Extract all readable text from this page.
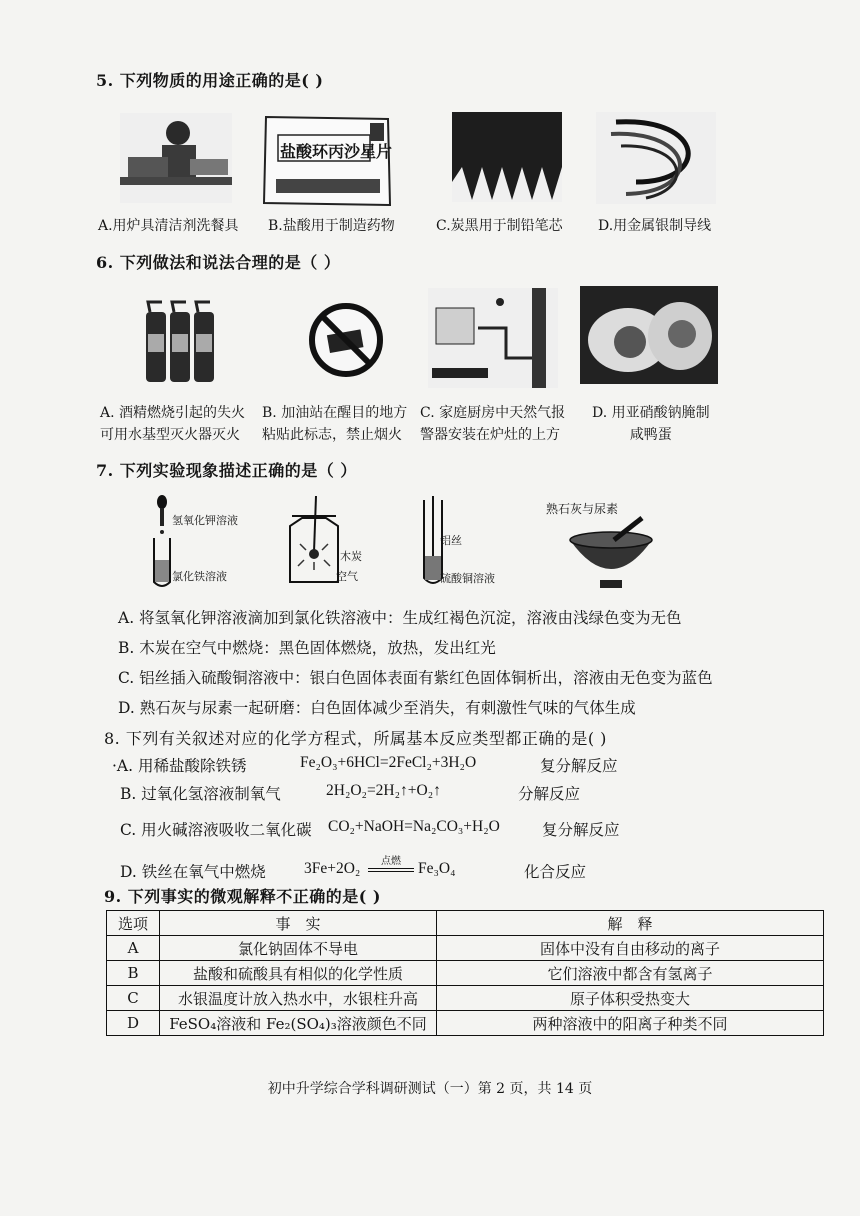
5. 下列物质的用途正确的是( )
盐酸环丙沙星片
A.用炉具清洁剂洗餐具 B.盐酸用于制造药物	C.炭黑用于制铅笔芯	D.用金属银制导线
6. 下列做法和说法合理的是（ ）
A. 酒精燃烧引起的失火
可用水基型灭火器灭火
B. 加油站在醒目的地方
粘贴此标志，禁止烟火
C. 家庭厨房中天然气报
警器安装在炉灶的上方
D. 用亚硝酸钠腌制
咸鸭蛋
7. 下列实验现象描述正确的是（ ）
氢氧化钾溶液
氯化铁溶液
木炭
空气
铝丝
硫酸铜溶液
熟石灰与尿素
A. 将氢氧化钾溶液滴加到氯化铁溶液中：生成红褐色沉淀，溶液由浅绿色变为无色
B. 木炭在空气中燃烧：黑色固体燃烧，放热，发出红光
C. 铝丝插入硫酸铜溶液中：银白色固体表面有紫红色固体铜析出，溶液由无色变为蓝色
D. 熟石灰与尿素一起研磨：白色固体减少至消失，有刺激性气味的气体生成
8. 下列有关叙述对应的化学方程式，所属基本反应类型都正确的是( )
·A. 用稀盐酸除铁锈	Fe₂O₃+6HCl=2FeCl₂+3H₂O	复分解反应
B. 过氧化氢溶液制氧气	2H₂O₂=2H₂↑+O₂↑	分解反应
C. 用火碱溶液吸收二氧化碳 CO₂+NaOH=Na₂CO₃+H₂O	复分解反应
D. 铁丝在氧气中燃烧 3Fe+2O₂	点燃	Fe₃O₄	化合反应
9. 下列事实的微观解释不正确的是( )
选项	事　实	解　释
A	氯化钠固体不导电	固体中没有自由移动的离子
B	盐酸和硫酸具有相似的化学性质	它们溶液中都含有氢离子
C	水银温度计放入热水中，水银柱升高	原子体积受热变大
D	FeSO₄溶液和 Fe₂(SO₄)₃溶液颜色不同	两种溶液中的阳离子种类不同
初中升学综合学科调研测试（一）第 2 页，共 14 页
